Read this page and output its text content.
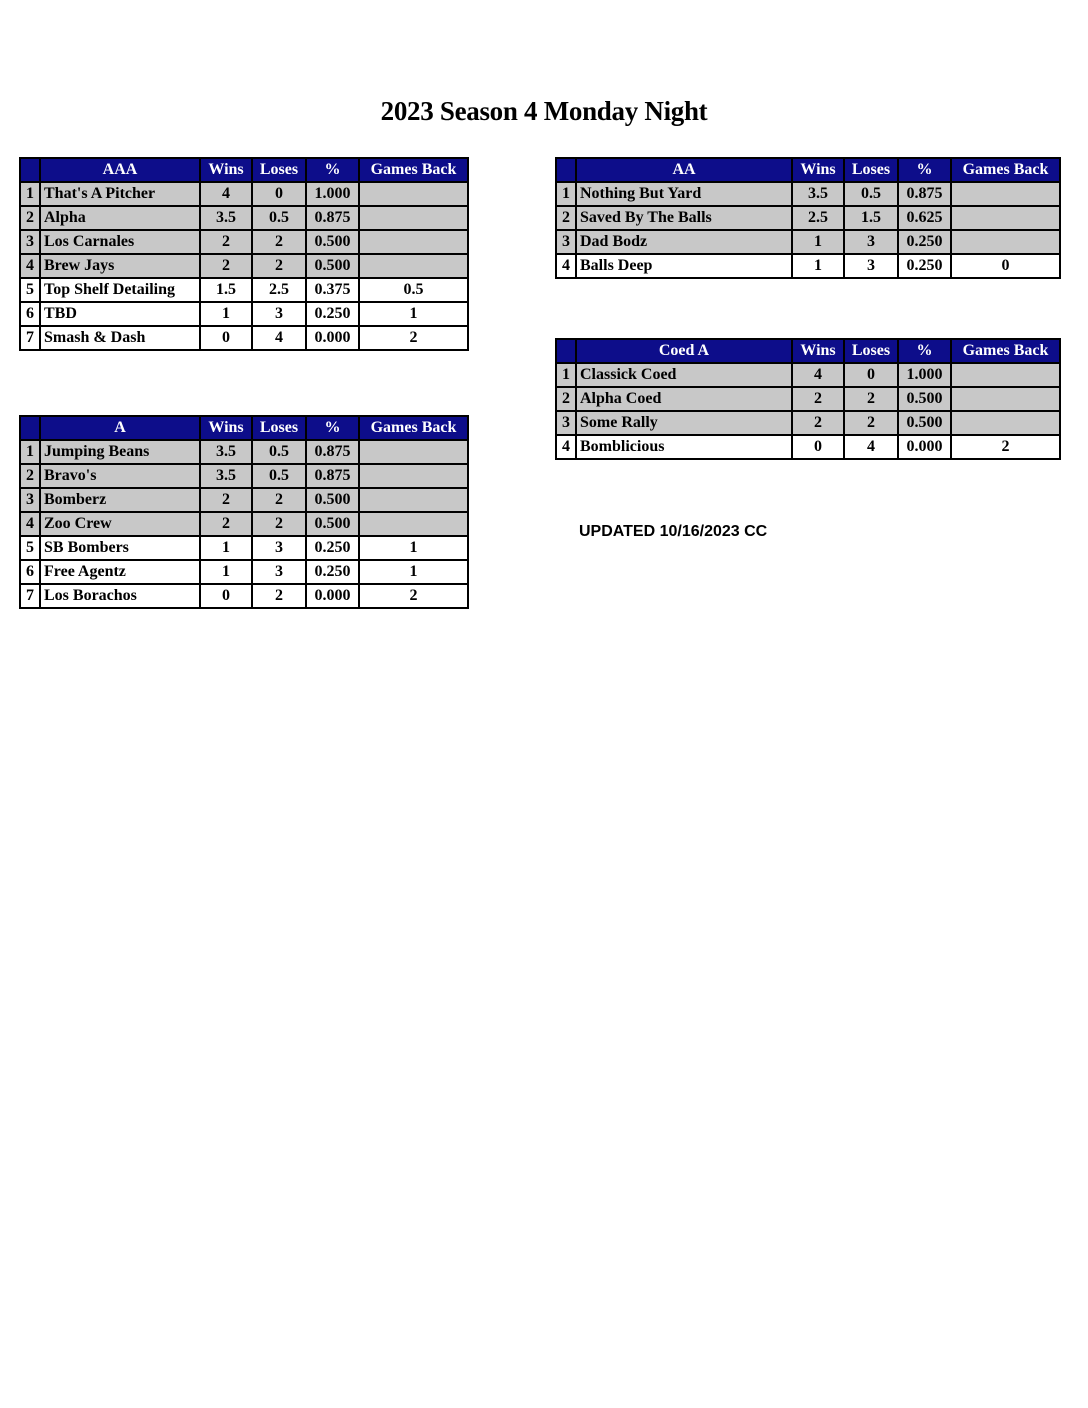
2023 Season 4 Monday Night
	AAA	Wins	Loses	%	Games Back
1	That's A Pitcher	4	0	1.000	
2	Alpha	3.5	0.5	0.875	
3	Los Carnales	2	2	0.500	
4	Brew Jays	2	2	0.500	
5	Top Shelf Detailing	1.5	2.5	0.375	0.5
6	TBD	1	3	0.250	1
7	Smash & Dash	0	4	0.000	2
	A	Wins	Loses	%	Games Back
1	Jumping Beans	3.5	0.5	0.875	
2	Bravo's	3.5	0.5	0.875	
3	Bomberz	2	2	0.500	
4	Zoo Crew	2	2	0.500	
5	SB Bombers	1	3	0.250	1
6	Free Agentz	1	3	0.250	1
7	Los Borachos	0	2	0.000	2
	AA	Wins	Loses	%	Games Back
1	Nothing But Yard	3.5	0.5	0.875	
2	Saved By The Balls	2.5	1.5	0.625	
3	Dad Bodz	1	3	0.250	
4	Balls Deep	1	3	0.250	0
	Coed A	Wins	Loses	%	Games Back
1	Classick Coed	4	0	1.000	
2	Alpha Coed	2	2	0.500	
3	Some Rally	2	2	0.500	
4	Bomblicious	0	4	0.000	2
UPDATED 10/16/2023 CC
